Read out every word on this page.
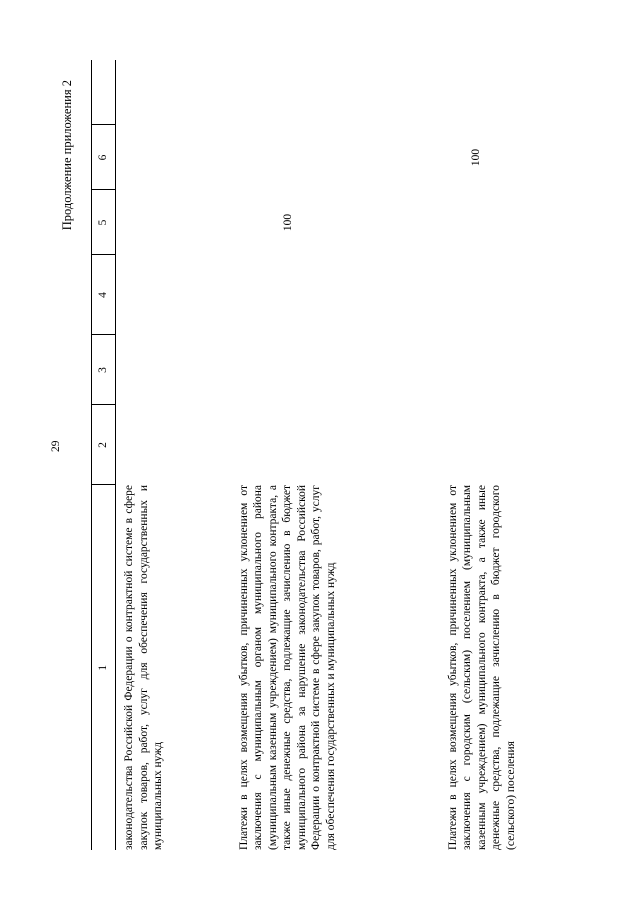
29
Продолжение приложения 2
1	2	3	4	5	6	
законодательства Российской Федерации о контрактной системе в сфере закупок товаров, работ, услуг для обеспечения государственных и муниципальных нужд						
Платежи в целях возмещения убытков, причиненных уклонением от заключения с муниципальным органом муниципального района (муниципальным казенным учреждением) муниципального контракта, а также иные денежные средства, подлежащие зачислению в бюджет муниципального района за нарушение законодательства Российской Федерации о контрактной системе в сфере закупок товаров, работ, услуг для обеспечения государственных и муниципальных нужд				100		
Платежи в целях возмещения убытков, причиненных уклонением от заключения с городским (сельским) поселением (муниципальным казенным учреждением) муниципального контракта, а также иные денежные средства, подлежащие зачислению в бюджет городского (сельского) поселения					100	
